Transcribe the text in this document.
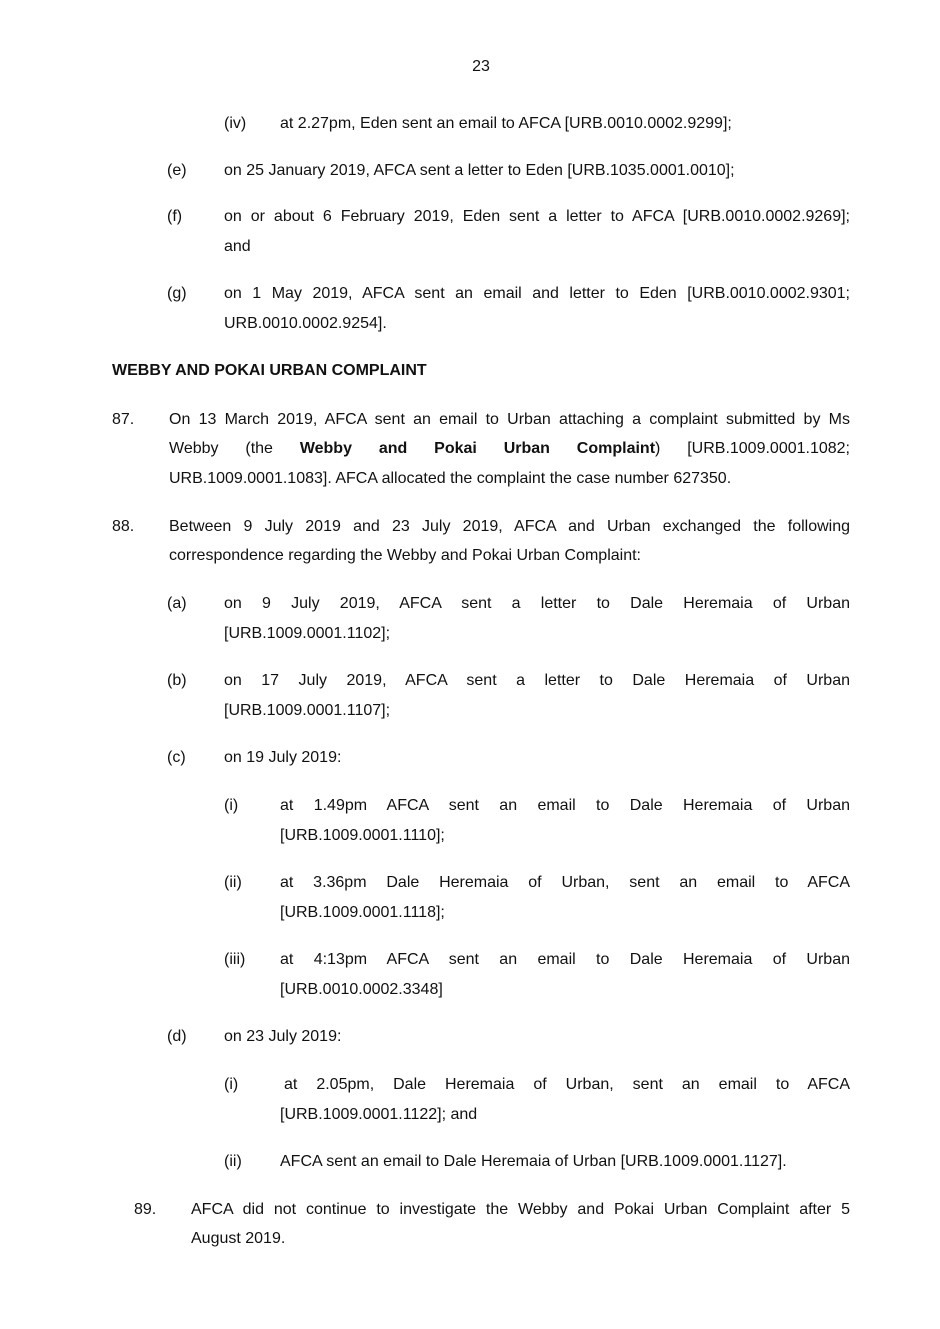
23
(iv) at 2.27pm, Eden sent an email to AFCA [URB.0010.0002.9299];
(e) on 25 January 2019, AFCA sent a letter to Eden [URB.1035.0001.0010];
(f)	on or about 6 February 2019, Eden sent a letter to AFCA [URB.0010.0002.9269];
and
(g) on 1 May 2019, AFCA sent an email and letter to Eden [URB.0010.0002.9301;
URB.0010.0002.9254].
WEBBY AND POKAI URBAN COMPLAINT
87. On 13 March 2019, AFCA sent an email to Urban attaching a complaint submitted by Ms
Webby (the Webby and Pokai Urban Complaint) [URB.1009.0001.1082;
URB.1009.0001.1083]. AFCA allocated the complaint the case number 627350.
88. Between 9 July 2019 and 23 July 2019, AFCA and Urban exchanged the following
correspondence regarding the Webby and Pokai Urban Complaint:
(a) on 9 July 2019, AFCA sent a letter to Dale Heremaia of Urban
[URB.1009.0001.1102];
(b) on 17 July 2019, AFCA sent a letter to Dale Heremaia of Urban
[URB.1009.0001.1107];
(c) on 19 July 2019:
(i)	at 1.49pm AFCA sent an email to Dale Heremaia of Urban
[URB.1009.0001.1110];
(ii) at 3.36pm Dale Heremaia of Urban, sent an email to AFCA
[URB.1009.0001.1118];
(iii) at 4:13pm AFCA sent an email to Dale Heremaia of Urban
[URB.0010.0002.3348]
(d) on 23 July 2019:
(i)	at 2.05pm, Dale Heremaia of Urban, sent an email to AFCA
[URB.1009.0001.1122]; and
(ii) AFCA sent an email to Dale Heremaia of Urban [URB.1009.0001.1127].
89. AFCA did not continue to investigate the Webby and Pokai Urban Complaint after 5
August 2019.
